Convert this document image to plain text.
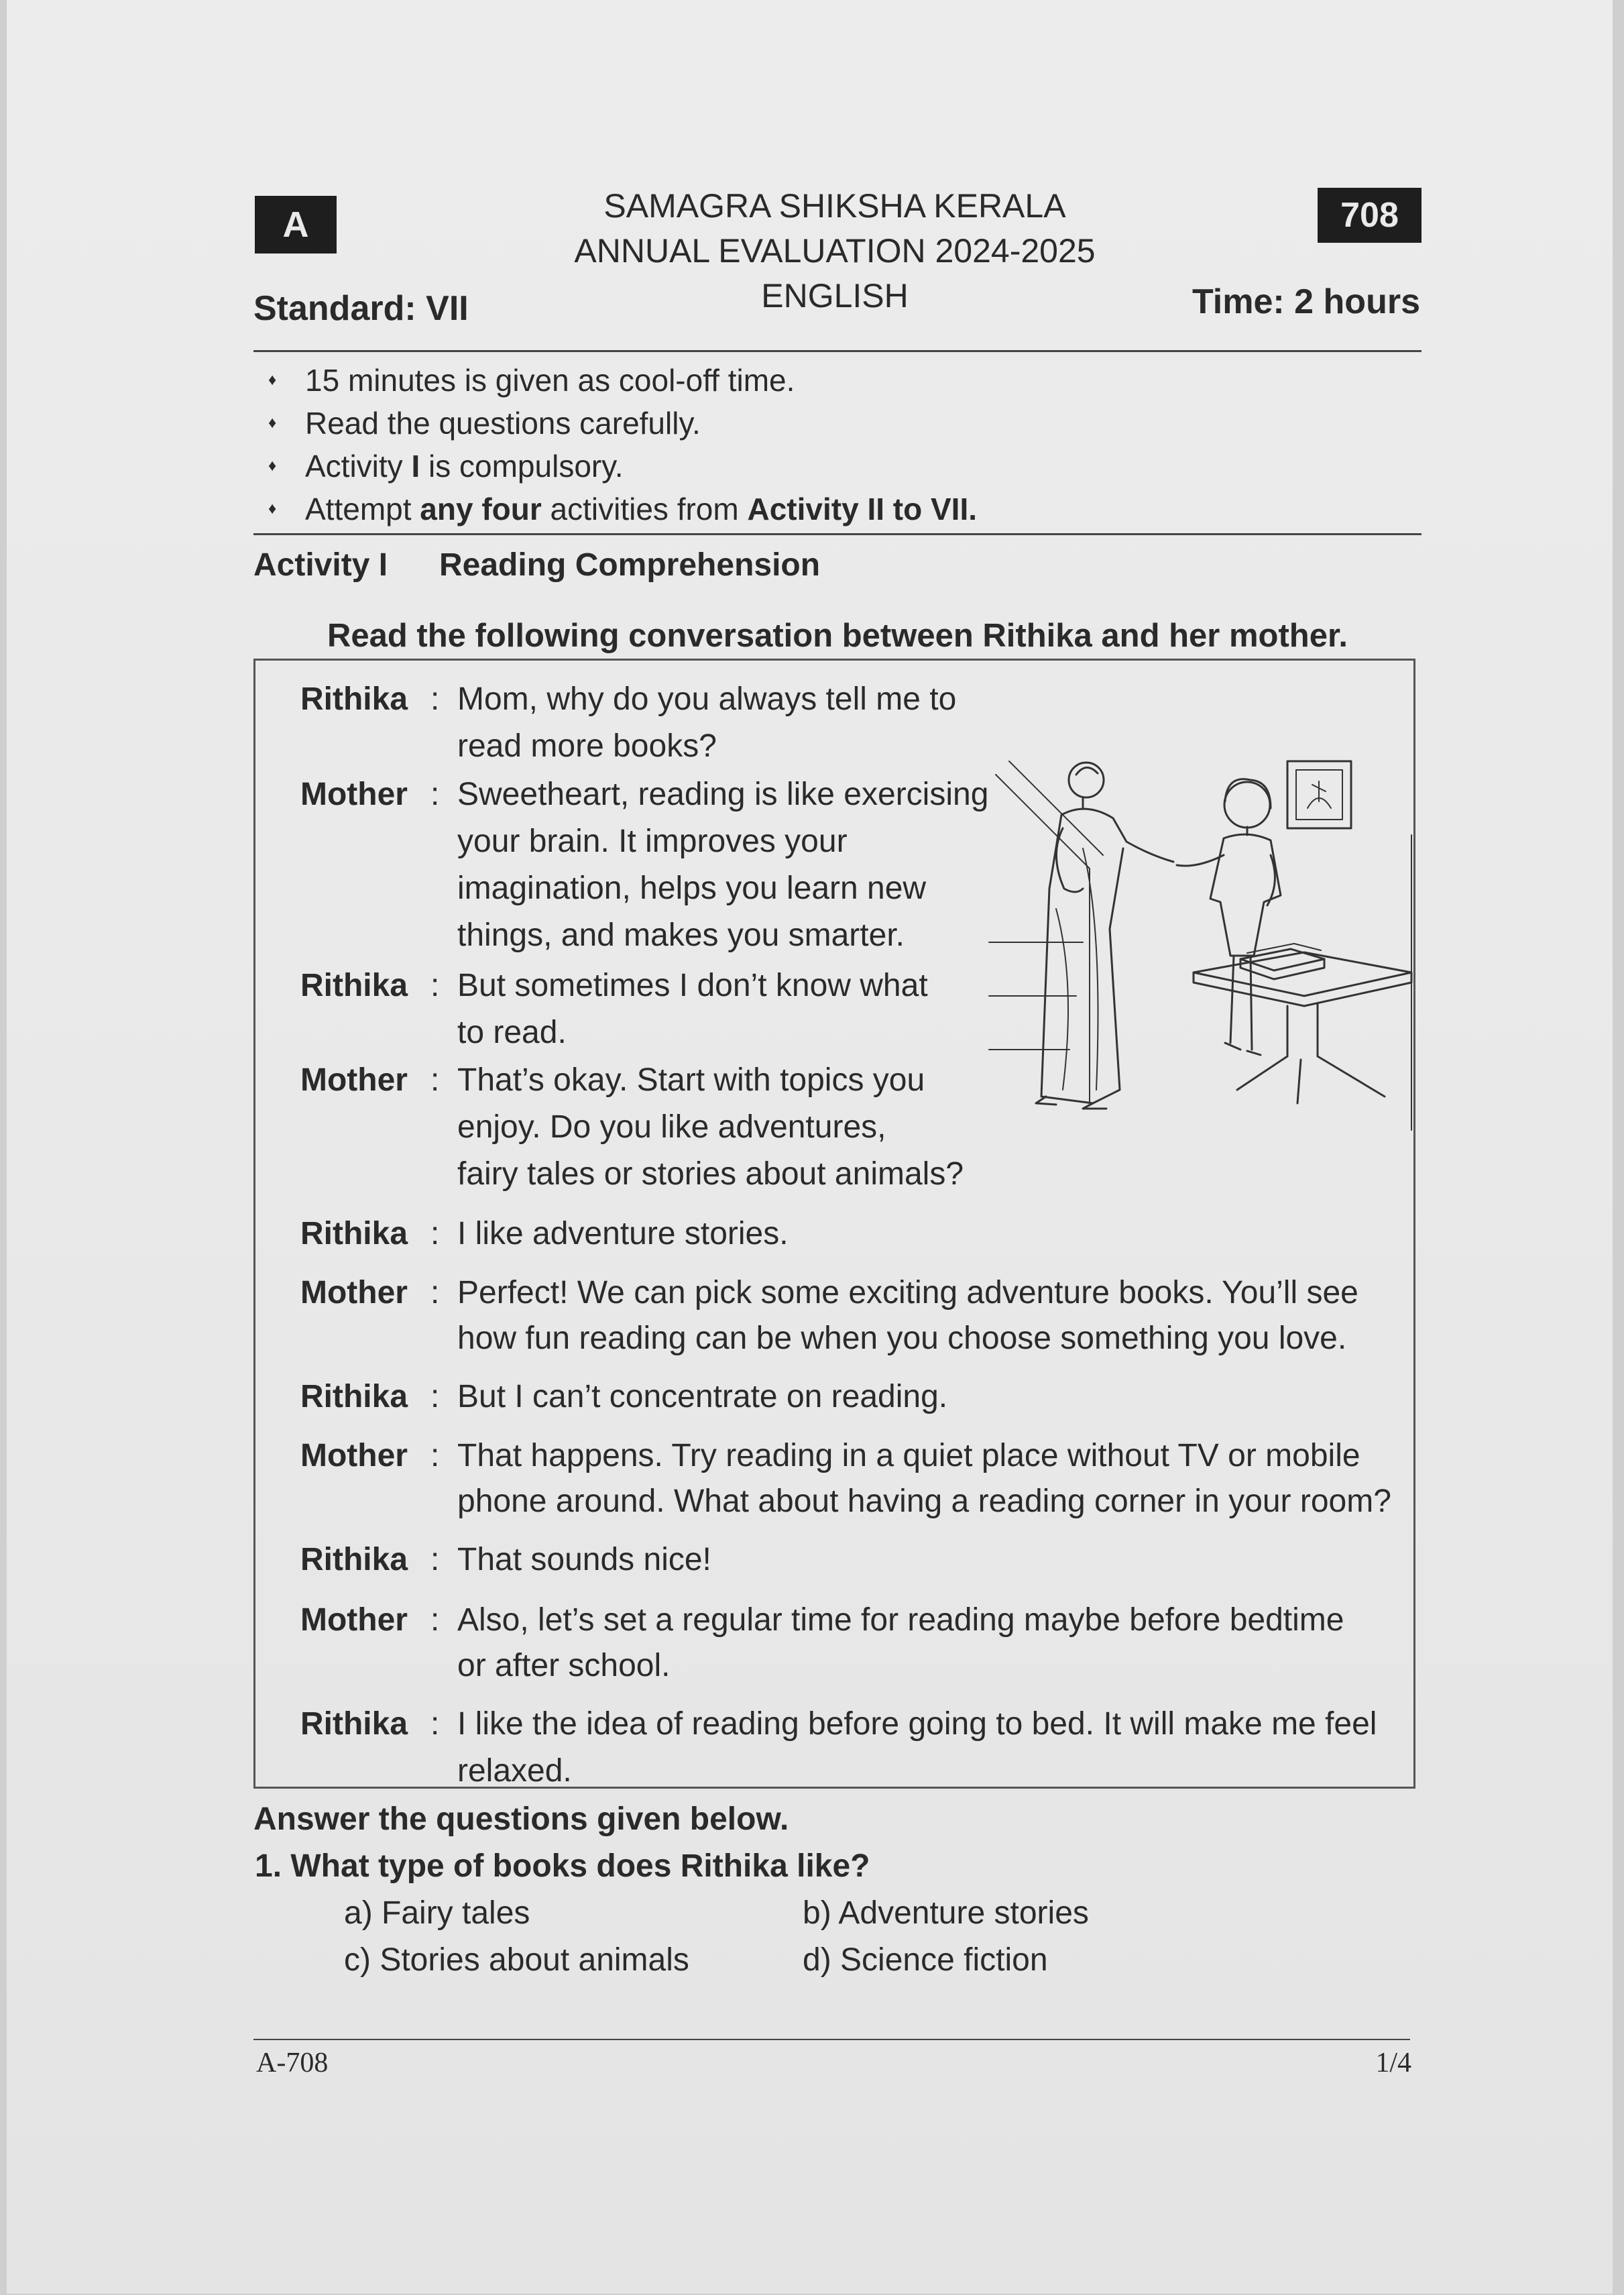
A	708
SAMAGRA SHIKSHA KERALA
ANNUAL EVALUATION 2024-2025
ENGLISH
Standard: VII	Time: 2 hours
♦ 15 minutes is given as cool-off time.
♦ Read the questions carefully.
♦ Activity I is compulsory.
♦ Attempt any four activities from Activity II to VII.
Activity I Reading Comprehension
Read the following conversation between Rithika and her mother.
Rithika : Mom, why do you always tell me to
read more books?
Mother : Sweetheart, reading is like exercising
your brain. It improves your
imagination, helps you learn new
things, and makes you smarter.
Rithika : But sometimes I don’t know what
to read.
Mother : That’s okay. Start with topics you
enjoy. Do you like adventures,
fairy tales or stories about animals?
Rithika : I like adventure stories.
Mother : Perfect! We can pick some exciting adventure books. You’ll see
how fun reading can be when you choose something you love.
Rithika : But I can’t concentrate on reading.
Mother : That happens. Try reading in a quiet place without TV or mobile
phone around. What about having a reading corner in your room?
Rithika : That sounds nice!
Mother : Also, let’s set a regular time for reading maybe before bedtime
or after school.
Rithika : I like the idea of reading before going to bed. It will make me feel
relaxed.
Answer the questions given below.
1. What type of books does Rithika like?
a) Fairy tales	b) Adventure stories
c) Stories about animals	d) Science fiction
A-708	1/4
